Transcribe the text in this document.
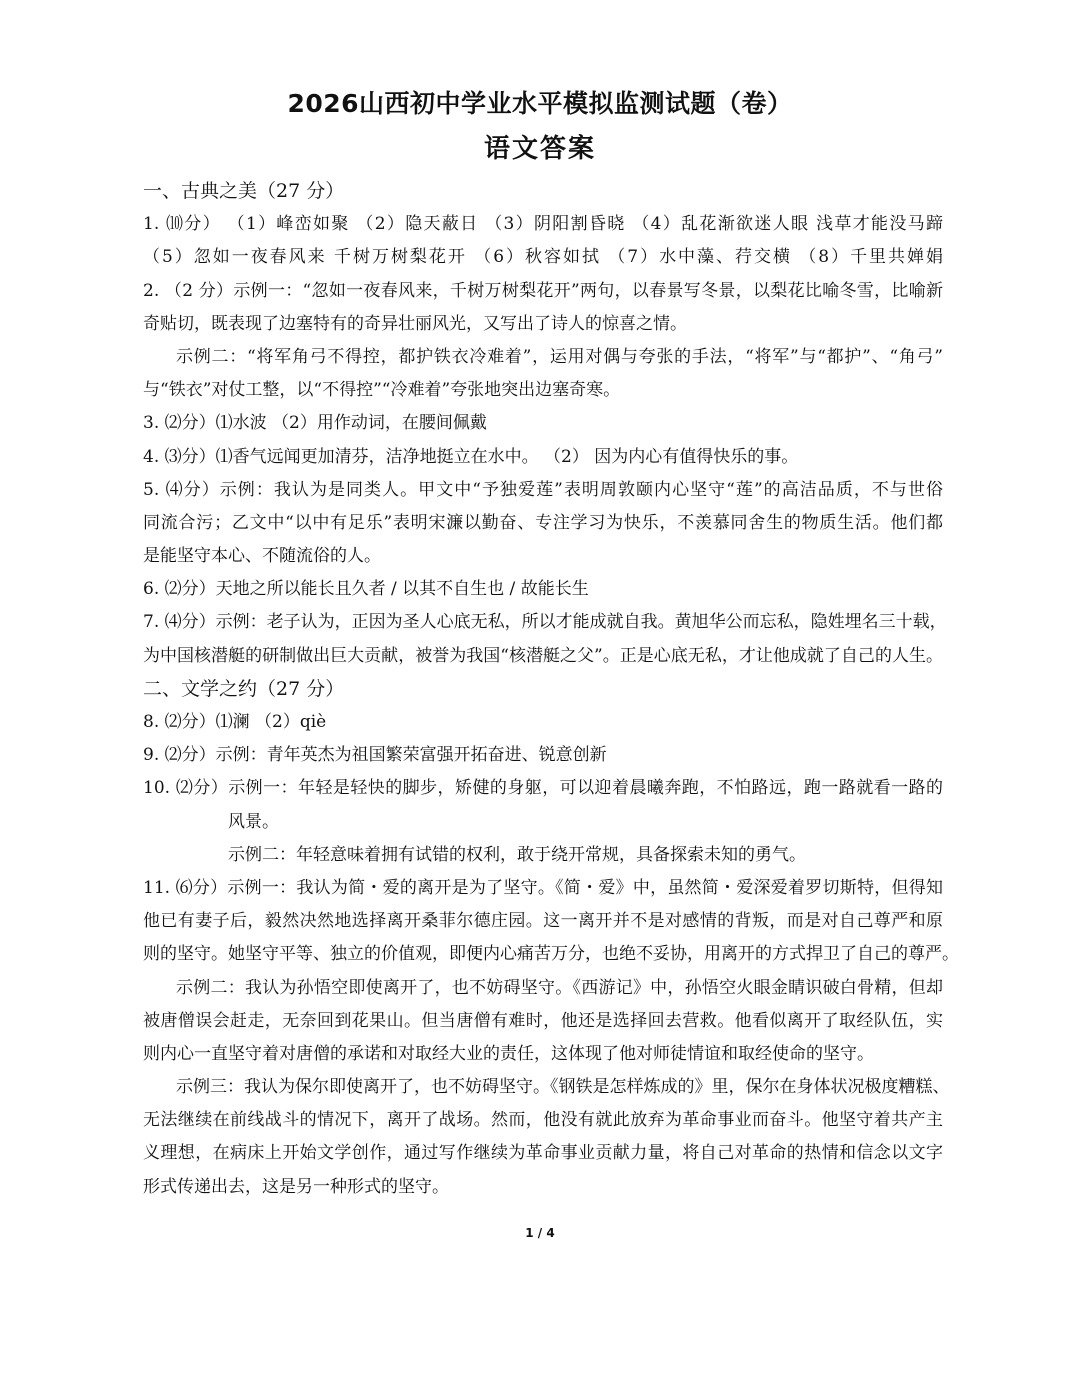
2026山西初中学业水平模拟监测试题（卷）
语文答案
一、古典之美（27 分）
1. ⑽分） （1）峰峦如聚 （2）隐天蔽日 （3）阴阳割昏晓 （4）乱花渐欲迷人眼 浅草才能没马蹄
（5）忽如一夜春风来 千树万树梨花开 （6）秋容如拭 （7）水中藻、荇交横 （8）千里共婵娟
2. （2 分）示例一：“忽如一夜春风来，千树万树梨花开”两句，以春景写冬景，以梨花比喻冬雪，比喻新
奇贴切，既表现了边塞特有的奇异壮丽风光，又写出了诗人的惊喜之情。
示例二：“将军角弓不得控，都护铁衣冷难着”，运用对偶与夸张的手法，“将军”与“都护”、“角弓”
与“铁衣”对仗工整，以“不得控”“冷难着”夸张地突出边塞奇寒。
3. ⑵分）⑴水波 （2）用作动词，在腰间佩戴
4. ⑶分）⑴香气远闻更加清芬，洁净地挺立在水中。 （2） 因为内心有值得快乐的事。
5. ⑷分）示例：我认为是同类人。甲文中“予独爱莲”表明周敦颐内心坚守“莲”的高洁品质，不与世俗
同流合污；乙文中“以中有足乐”表明宋濂以勤奋、专注学习为快乐，不羡慕同舍生的物质生活。他们都
是能坚守本心、不随流俗的人。
6. ⑵分）天地之所以能长且久者 / 以其不自生也 / 故能长生
7. ⑷分）示例：老子认为，正因为圣人心底无私，所以才能成就自我。黄旭华公而忘私，隐姓埋名三十载，
为中国核潜艇的研制做出巨大贡献，被誉为我国“核潜艇之父”。正是心底无私，才让他成就了自己的人生。
二、文学之约（27 分）
8. ⑵分）⑴澜 （2）qiè
9. ⑵分）示例：青年英杰为祖国繁荣富强开拓奋进、锐意创新
10. ⑵分）示例一：年轻是轻快的脚步，矫健的身躯，可以迎着晨曦奔跑，不怕路远，跑一路就看一路的
风景。
示例二：年轻意味着拥有试错的权利，敢于绕开常规，具备探索未知的勇气。
11. ⑹分）示例一：我认为简・爱的离开是为了坚守。《简・爱》中，虽然简・爱深爱着罗切斯特，但得知
他已有妻子后，毅然决然地选择离开桑菲尔德庄园。这一离开并不是对感情的背叛，而是对自己尊严和原
则的坚守。她坚守平等、独立的价值观，即便内心痛苦万分，也绝不妥协，用离开的方式捍卫了自己的尊严。
示例二：我认为孙悟空即使离开了，也不妨碍坚守。《西游记》中，孙悟空火眼金睛识破白骨精，但却
被唐僧误会赶走，无奈回到花果山。但当唐僧有难时，他还是选择回去营救。他看似离开了取经队伍，实
则内心一直坚守着对唐僧的承诺和对取经大业的责任，这体现了他对师徒情谊和取经使命的坚守。
示例三：我认为保尔即使离开了，也不妨碍坚守。《钢铁是怎样炼成的》里，保尔在身体状况极度糟糕、
无法继续在前线战斗的情况下，离开了战场。然而，他没有就此放弃为革命事业而奋斗。他坚守着共产主
义理想，在病床上开始文学创作，通过写作继续为革命事业贡献力量，将自己对革命的热情和信念以文字
形式传递出去，这是另一种形式的坚守。
1 / 4
